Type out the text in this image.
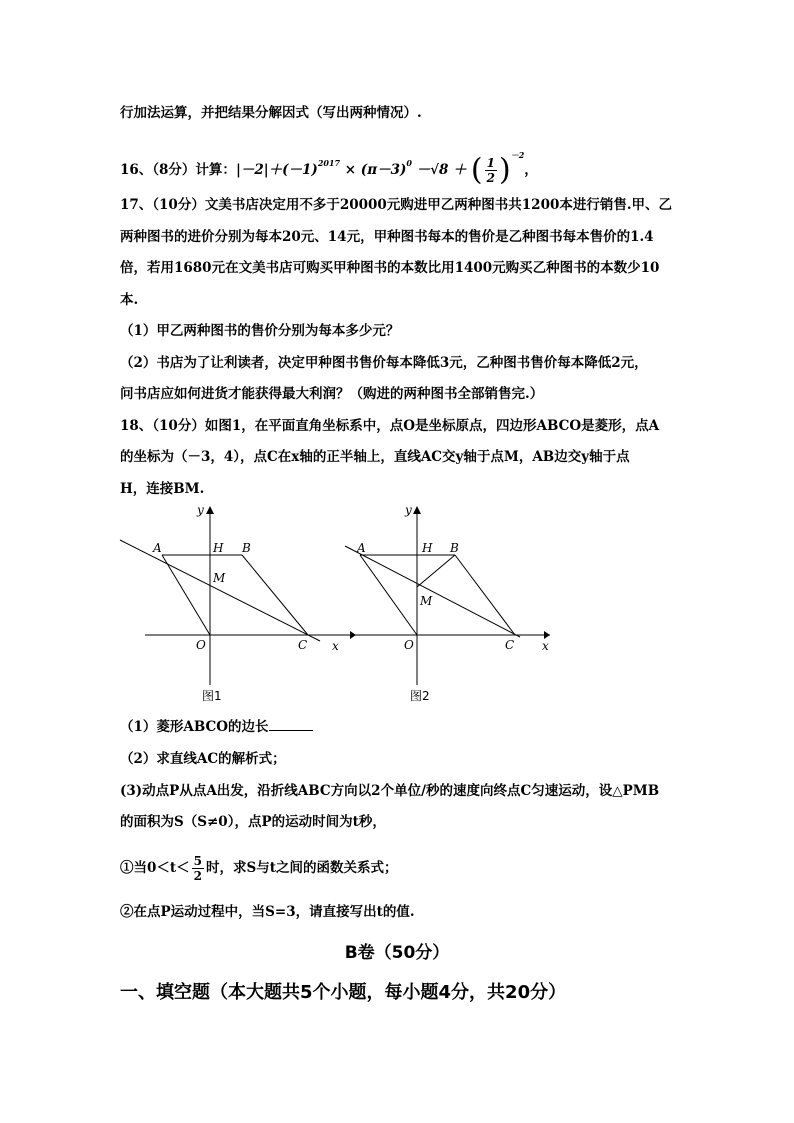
行加法运算，并把结果分解因式（写出两种情况）.
16、（8分）计算：$|-2|+(-1)^{2017} \times (\pi-3)^0 -√8$ ＋ ( $\frac{1}{2} )^{-2}$，
17、（10分）文美书店决定用不多于20000元购进甲乙两种图书共1200本进行销售.甲、乙
两种图书的进价分别为每本20元、14元，甲种图书每本的售价是乙种图书每本售价的1.4
倍，若用1680元在文美书店可购买甲种图书的本数比用1400元购买乙种图书的本数少10
本.
（1）甲乙两种图书的售价分别为每本多少元？
（2）书店为了让利读者，决定甲种图书售价每本降低3元，乙种图书售价每本降低2元，
问书店应如何进货才能获得最大利润？（购进的两种图书全部销售完.）
18、（10分）如图1，在平面直角坐标系中，点O是坐标原点，四边形ABCO是菱形，点A
的坐标为（－3，4），点C在x轴的正半轴上，直线AC交y轴于点M，AB边交y轴于点
H，连接BM.
y
x
A	H B
M
O	C
图1
y
x
A	H B
M
O	C
图2
（1）菱形ABCO的边长
（2）求直线AC的解析式；
(3)动点P从点A出发，沿折线ABC方向以2个单位/秒的速度向终点C匀速运动，设△PMB
的面积为S（S≠0），点P的运动时间为t秒，
①当$0<t< \frac{5}{2}$ 时，求S与t之间的函数关系式；
②在点P运动过程中，当S=3，请直接写出t的值.
B卷（50分）
一、填空题（本大题共5个小题，每小题4分，共20分）
